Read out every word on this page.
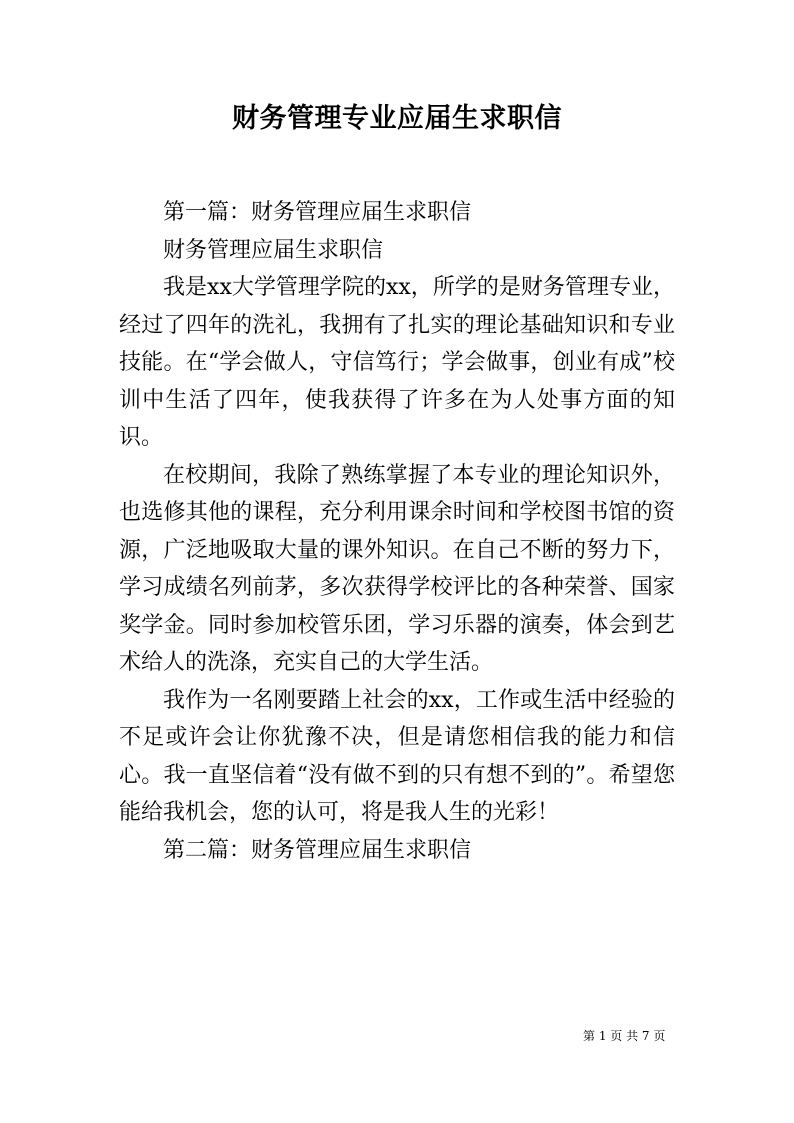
财务管理专业应届生求职信

第一篇：财务管理应届生求职信

财务管理应届生求职信

我是xx大学管理学院的xx，所学的是财务管理专业，经过了四年的洗礼，我拥有了扎实的理论基础知识和专业技能。在“学会做人，守信笃行；学会做事，创业有成”校训中生活了四年，使我获得了许多在为人处事方面的知识。

在校期间，我除了熟练掌握了本专业的理论知识外，也选修其他的课程，充分利用课余时间和学校图书馆的资源，广泛地吸取大量的课外知识。在自己不断的努力下，学习成绩名列前茅，多次获得学校评比的各种荣誉、国家奖学金。同时参加校管乐团，学习乐器的演奏，体会到艺术给人的洗涤，充实自己的大学生活。

我作为一名刚要踏上社会的xx，工作或生活中经验的不足或许会让你犹豫不决，但是请您相信我的能力和信心。我一直坚信着“没有做不到的只有想不到的”。希望您能给我机会，您的认可，将是我人生的光彩！

第二篇：财务管理应届生求职信

第 1 页 共 7 页
